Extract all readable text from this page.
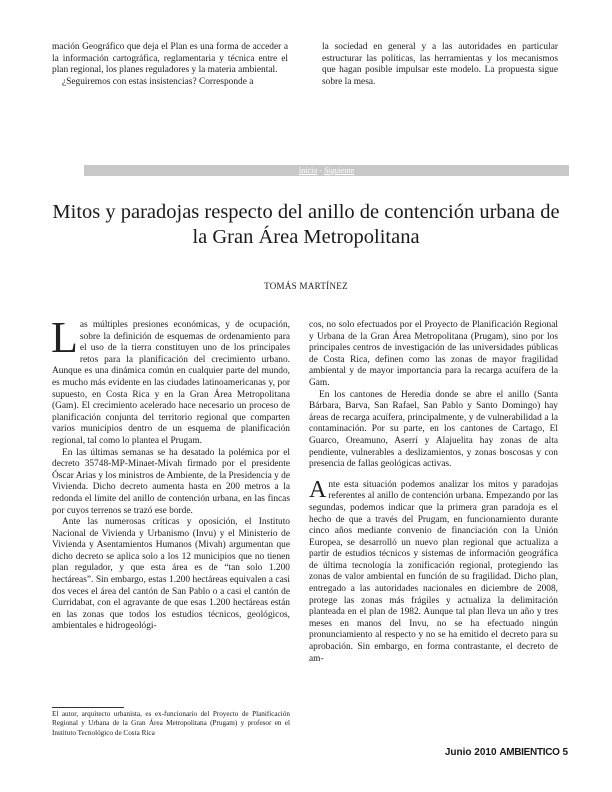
mación Geográfico que deja el Plan es una forma de acceder a la información cartográfica, reglamentaria y técnica entre el plan regional, los planes reguladores y la materia ambiental.

¿Seguiremos con estas insistencias? Corresponde a

la sociedad en general y a las autoridades en particular estructurar las políticas, las herramientas y los mecanismos que hagan posible impulsar este modelo. La propuesta sigue sobre la mesa.

Inicio - Siguiente
Mitos y paradojas respecto del anillo de contención urbana de la Gran Área Metropolitana
TOMÁS MARTÍNEZ

Las múltiples presiones económicas, y de ocupación, sobre la definición de esquemas de ordenamiento para el uso de la tierra constituyen uno de los principales retos para la planificación del crecimiento urbano. Aunque es una dinámica común en cualquier parte del mundo, es mucho más evidente en las ciudades latinoamericanas y, por supuesto, en Costa Rica y en la Gran Área Metropolitana (Gam). El crecimiento acelerado hace necesario un proceso de planificación conjunta del territorio regional que comparten varios municipios dentro de un esquema de planificación regional, tal como lo plantea el Prugam.

En las últimas semanas se ha desatado la polémica por el decreto 35748-MP-Minaet-Mivah firmado por el presidente Óscar Arias y los ministros de Ambiente, de la Presidencia y de Vivienda. Dicho decreto aumenta hasta en 200 metros a la redonda el límite del anillo de contención urbana, en las fincas por cuyos terrenos se trazó ese borde.

Ante las numerosas críticas y oposición, el Instituto Nacional de Vivienda y Urbanismo (Invu) y el Ministerio de Vivienda y Asentamientos Humanos (Mivah) argumentan que dicho decreto se aplica solo a los 12 municipios que no tienen plan regulador, y que esta área es de “tan solo 1.200 hectáreas”. Sin embargo, estas 1.200 hectáreas equivalen a casi dos veces el área del cantón de San Pablo o a casi el cantón de Curridabat, con el agravante de que esas 1.200 hectáreas están en las zonas que todos los estudios técnicos, geológicos, ambientales e hidrogeológi-

cos, no solo efectuados por el Proyecto de Planificación Regional y Urbana de la Gran Área Metropolitana (Prugam), sino por los principales centros de investigación de las universidades públicas de Costa Rica, definen como las zonas de mayor fragilidad ambiental y de mayor importancia para la recarga acuífera de la Gam.

En los cantones de Heredia donde se abre el anillo (Santa Bárbara, Barva, San Rafael, San Pablo y Santo Domingo) hay áreas de recarga acuífera, principalmente, y de vulnerabilidad a la contaminación. Por su parte, en los cantones de Cartago, El Guarco, Oreamuno, Aserrí y Alajuelita hay zonas de alta pendiente, vulnerables a deslizamientos, y zonas boscosas y con presencia de fallas geológicas activas.

Ante esta situación podemos analizar los mitos y paradojas referentes al anillo de contención urbana. Empezando por las segundas, podemos indicar que la primera gran paradoja es el hecho de que a través del Prugam, en funcionamiento durante cinco años mediante convenio de financiación con la Unión Europea, se desarrolló un nuevo plan regional que actualiza a partir de estudios técnicos y sistemas de información geográfica de última tecnología la zonificación regional, protegiendo las zonas de valor ambiental en función de su fragilidad. Dicho plan, entregado a las autoridades nacionales en diciembre de 2008, protege las zonas más frágiles y actualiza la delimitación planteada en el plan de 1982. Aunque tal plan lleva un año y tres meses en manos del Invu, no se ha efectuado ningún pronunciamiento al respecto y no se ha emitido el decreto para su aprobación. Sin embargo, en forma contrastante, el decreto de am-

El autor, arquitecto urbanista, es ex-funcionario del Proyecto de Planificación Regional y Urbana de la Gran Área Metropolitana (Prugam) y profesor en el Instituto Tecnológico de Costa Rica
Junio 2010 AMBIENTICO 5
